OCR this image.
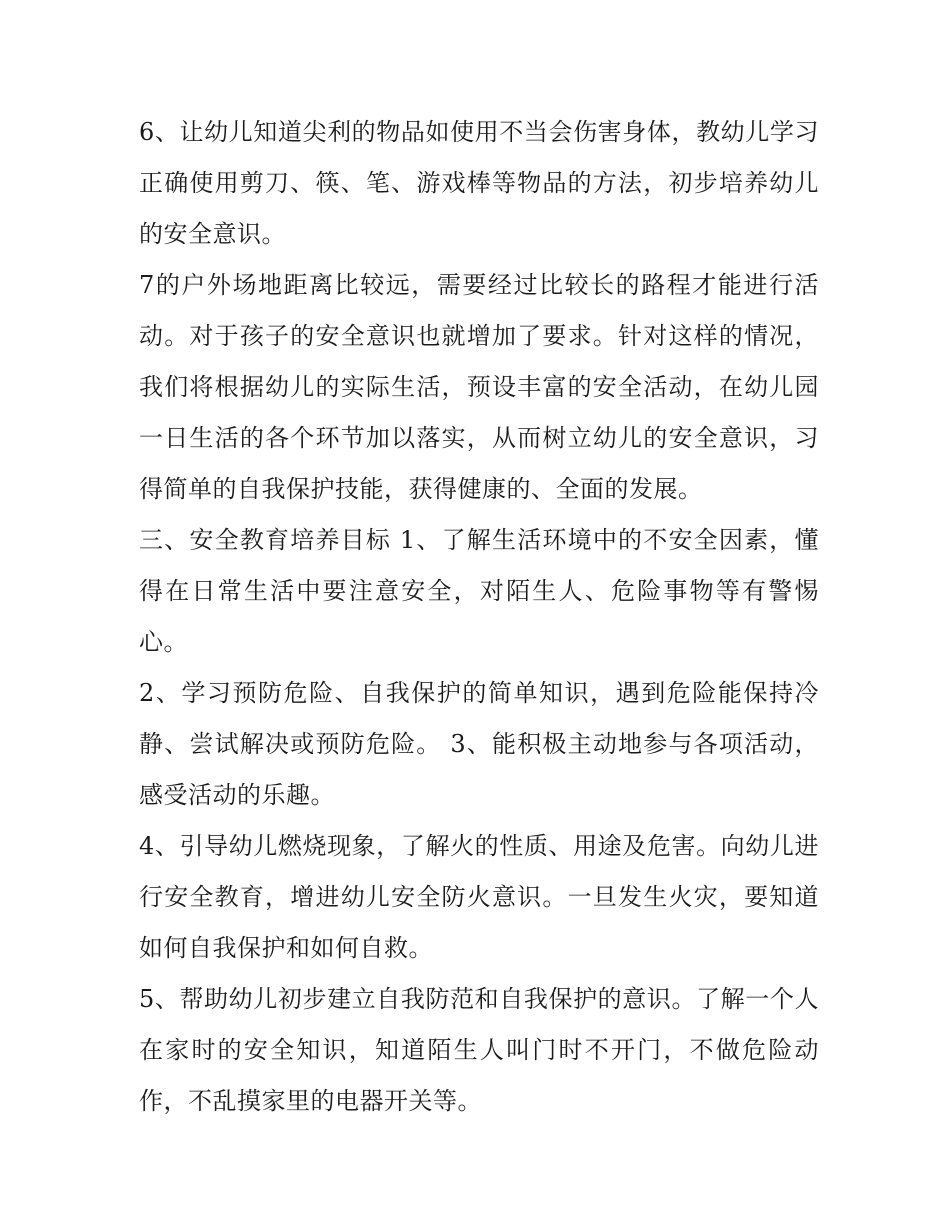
6、让幼儿知道尖利的物品如使用不当会伤害身体，教幼儿学习正确使用剪刀、筷、笔、游戏棒等物品的方法，初步培养幼儿的安全意识。

7的户外场地距离比较远，需要经过比较长的路程才能进行活动。对于孩子的安全意识也就增加了要求。针对这样的情况，我们将根据幼儿的实际生活，预设丰富的安全活动，在幼儿园一日生活的各个环节加以落实，从而树立幼儿的安全意识，习得简单的自我保护技能，获得健康的、全面的发展。

三、安全教育培养目标 1、了解生活环境中的不安全因素，懂得在日常生活中要注意安全，对陌生人、危险事物等有警惕心。

2、学习预防危险、自我保护的简单知识，遇到危险能保持冷静、尝试解决或预防危险。 3、能积极主动地参与各项活动，感受活动的乐趣。

4、引导幼儿燃烧现象，了解火的性质、用途及危害。向幼儿进行安全教育，增进幼儿安全防火意识。一旦发生火灾，要知道如何自我保护和如何自救。

5、帮助幼儿初步建立自我防范和自我保护的意识。了解一个人在家时的安全知识，知道陌生人叫门时不开门，不做危险动作，不乱摸家里的电器开关等。
